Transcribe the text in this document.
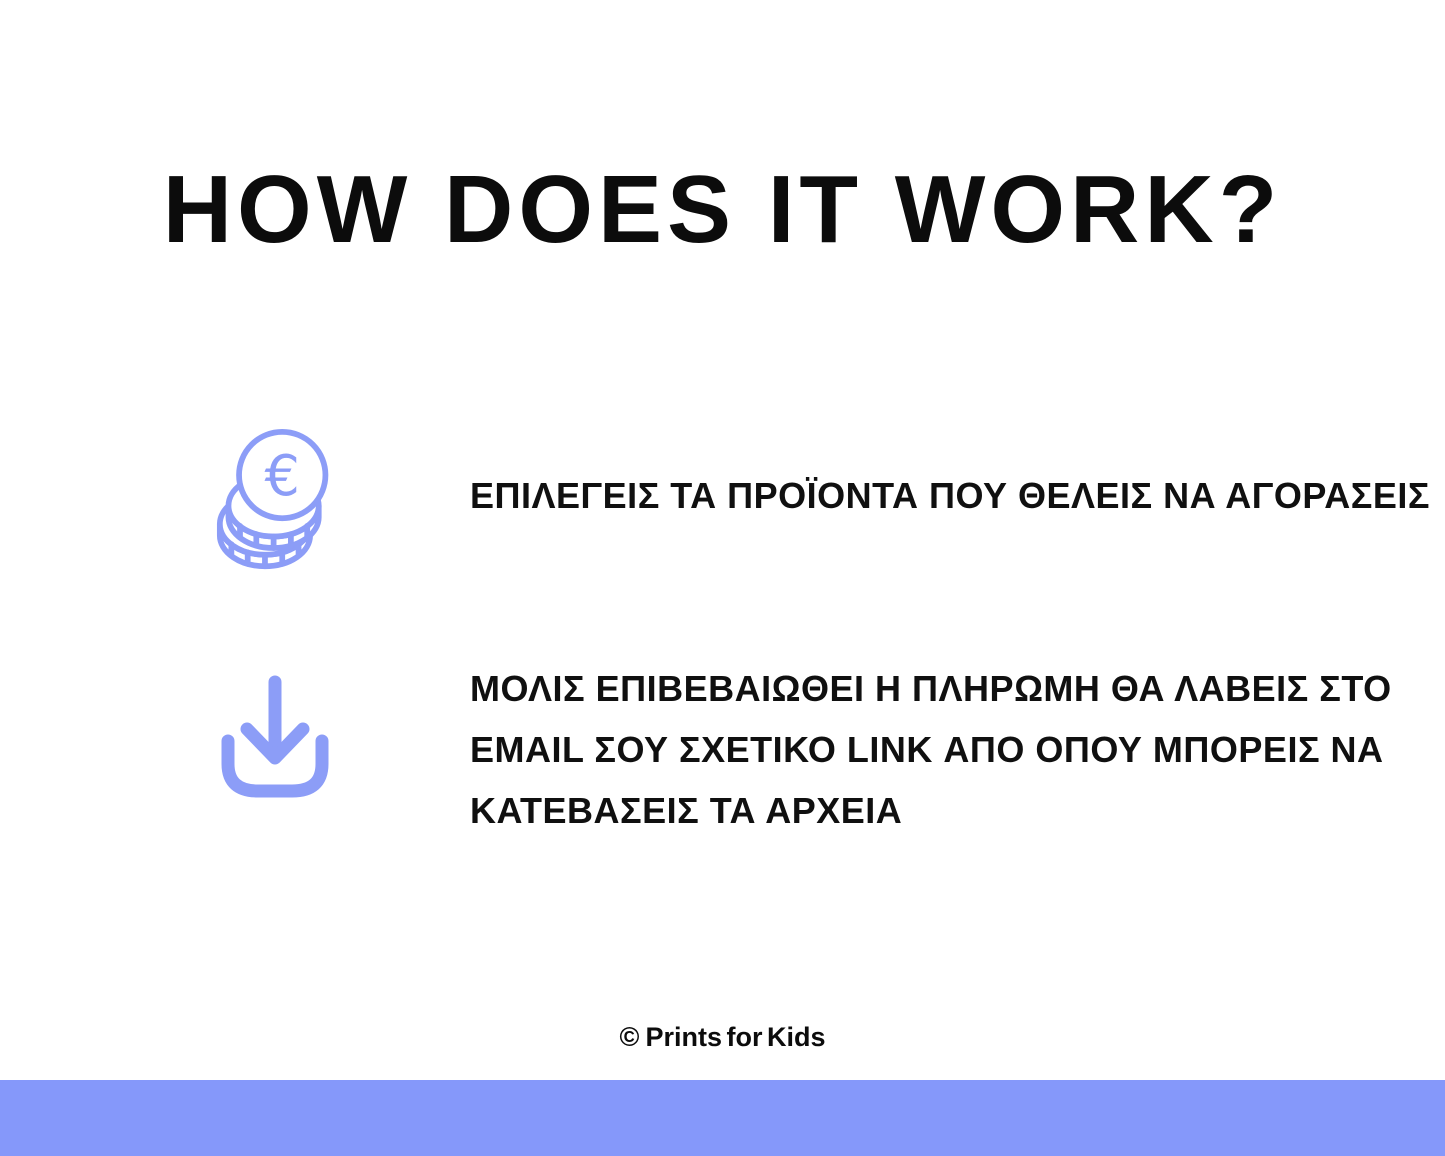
HOW DOES IT WORK?
€	ΕΠΙΛΕΓΕΙΣ ΤΑ ΠΡΟΪΟΝΤΑ ΠΟΥ ΘΕΛΕΙΣ ΝΑ ΑΓΟΡΑΣΕΙΣ
ΜΟΛΙΣ ΕΠΙΒΕΒΑΙΩΘΕΙ Η ΠΛΗΡΩΜΗ ΘΑ ΛΑΒΕΙΣ ΣΤΟ
EMAIL ΣΟΥ ΣΧΕΤΙΚΟ LINK ΑΠΟ ΟΠΟΥ ΜΠΟΡΕΙΣ ΝΑ
ΚΑΤΕΒΑΣΕΙΣ ΤΑ ΑΡΧΕΙΑ
© Prints for Kids
